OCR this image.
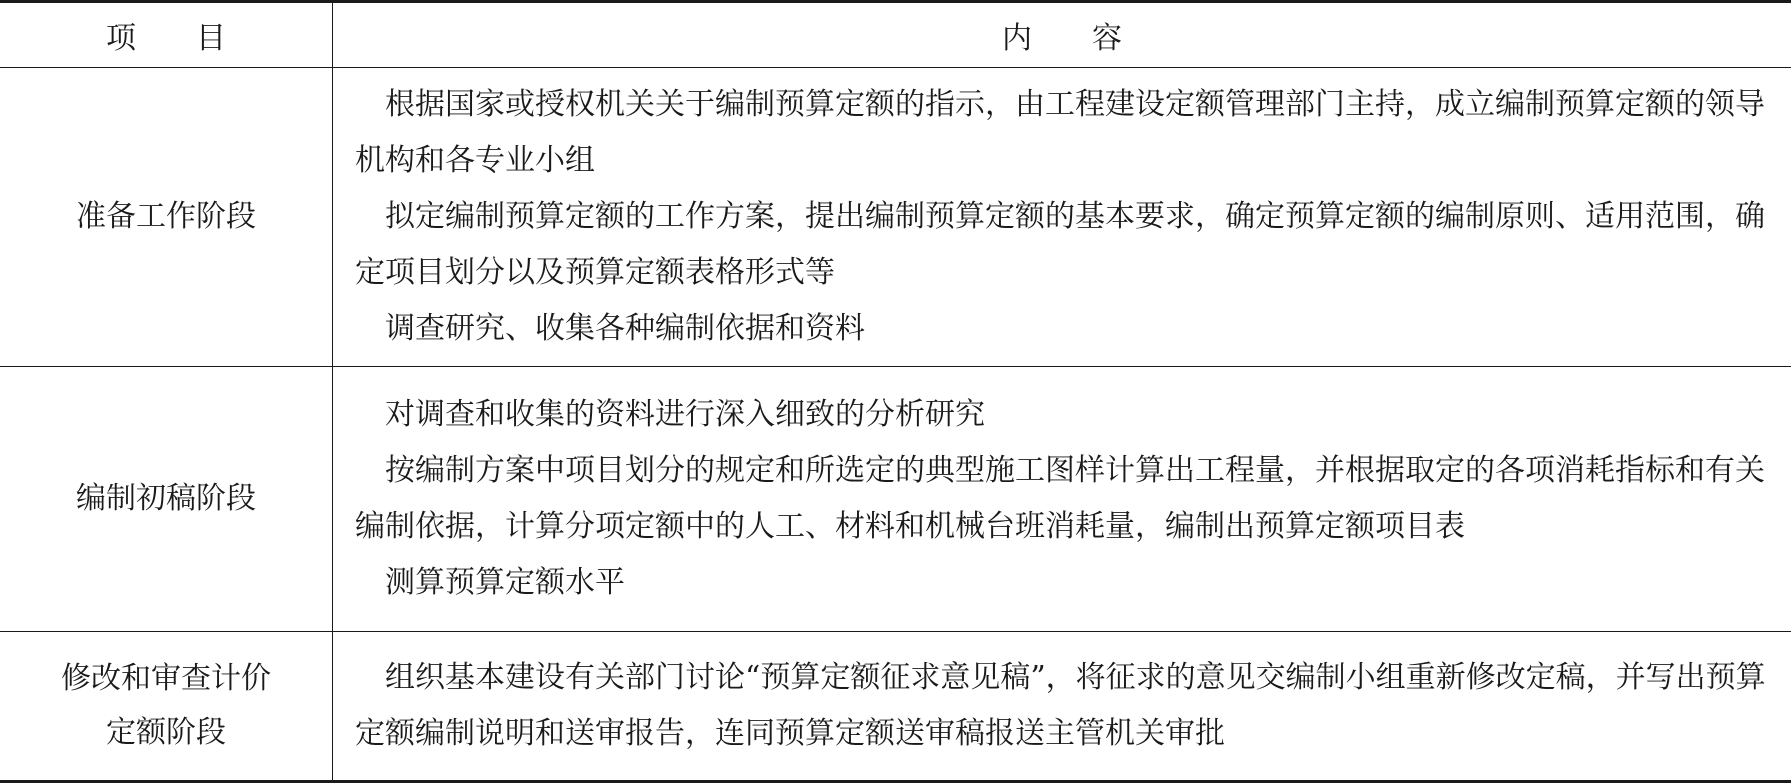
项　　目	内　　容

准备工作阶段	根据国家或授权机关关于编制预算定额的指示，由工程建设定额管理部门主持，成立编制预算定额的领导机构和各专业小组

拟定编制预算定额的工作方案，提出编制预算定额的基本要求，确定预算定额的编制原则、适用范围，确定项目划分以及预算定额表格形式等

调查研究、收集各种编制依据和资料

编制初稿阶段	对调查和收集的资料进行深入细致的分析研究

按编制方案中项目划分的规定和所选定的典型施工图样计算出工程量，并根据取定的各项消耗指标和有关编制依据，计算分项定额中的人工、材料和机械台班消耗量，编制出预算定额项目表

测算预算定额水平

修改和审查计价
定额阶段	组织基本建设有关部门讨论“预算定额征求意见稿”，将征求的意见交编制小组重新修改定稿，并写出预算定额编制说明和送审报告，连同预算定额送审稿报送主管机关审批
